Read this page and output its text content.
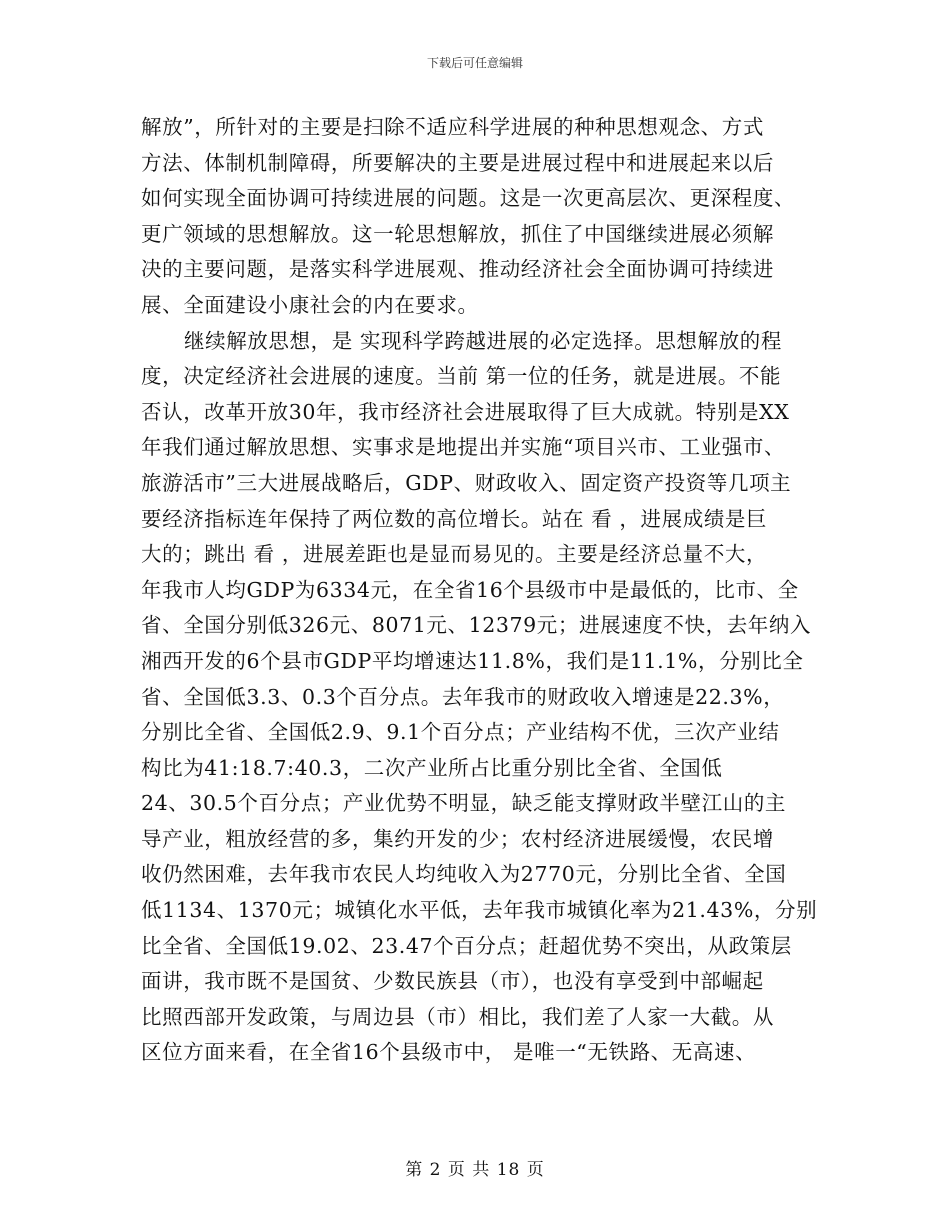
下载后可任意编辑
解放”，所针对的主要是扫除不适应科学进展的种种思想观念、方式
方法、体制机制障碍，所要解决的主要是进展过程中和进展起来以后
如何实现全面协调可持续进展的问题。这是一次更高层次、更深程度、
更广领域的思想解放。这一轮思想解放，抓住了中国继续进展必须解
决的主要问题，是落实科学进展观、推动经济社会全面协调可持续进
展、全面建设小康社会的内在要求。
继续解放思想，是 实现科学跨越进展的必定选择。思想解放的程
度，决定经济社会进展的速度。当前 第一位的任务，就是进展。不能
否认，改革开放30年，我市经济社会进展取得了巨大成就。特别是XX
年我们通过解放思想、实事求是地提出并实施“项目兴市、工业强市、
旅游活市”三大进展战略后，GDP、财政收入、固定资产投资等几项主
要经济指标连年保持了两位数的高位增长。站在 看 ，进展成绩是巨
大的；跳出 看 ，进展差距也是显而易见的。主要是经济总量不大，
年我市人均GDP为6334元，在全省16个县级市中是最低的，比市、全
省、全国分别低326元、8071元、12379元；进展速度不快，去年纳入
湘西开发的6个县市GDP平均增速达11.8%，我们是11.1%，分别比全
省、全国低3.3、0.3个百分点。去年我市的财政收入增速是22.3%，
分别比全省、全国低2.9、9.1个百分点；产业结构不优，三次产业结
构比为41:18.7:40.3，二次产业所占比重分别比全省、全国低
24、30.5个百分点；产业优势不明显，缺乏能支撑财政半壁江山的主
导产业，粗放经营的多，集约开发的少；农村经济进展缓慢，农民增
收仍然困难，去年我市农民人均纯收入为2770元，分别比全省、全国
低1134、1370元；城镇化水平低，去年我市城镇化率为21.43%，分别
比全省、全国低19.02、23.47个百分点；赶超优势不突出，从政策层
面讲，我市既不是国贫、少数民族县（市），也没有享受到中部崛起
比照西部开发政策，与周边县（市）相比，我们差了人家一大截。从
区位方面来看，在全省16个县级市中， 是唯一“无铁路、无高速、
第 2 页 共 18 页
